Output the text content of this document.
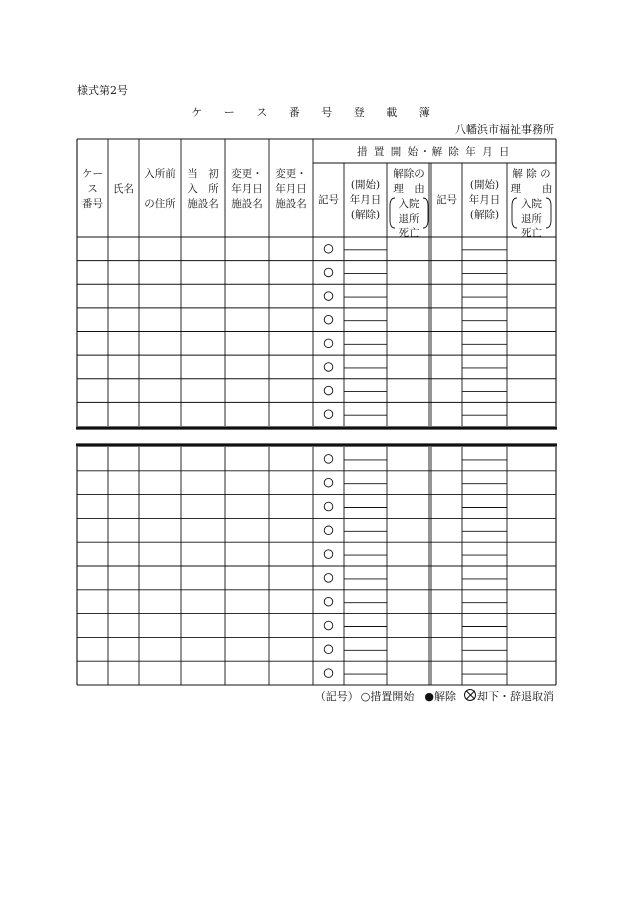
様式第2号
ケ ー ス 番 号 登 載 簿
八幡浜市福祉事務所
ケー
ス
番号
氏名
入所前
の住所
当　初
入　所
施設名
変更・
年月日
施設名
変更・
年月日
施設名
措 置 開 始・解 除 年 月 日
記号
(開始)
年月日
(解除)
解除の
理　由
入院
退所
死亡
記号
(開始)
年月日
(解除)
解 除 の
理　　由
入院
退所
死亡
（記号） ○措置開始 ●解除 却下・辞退取消
